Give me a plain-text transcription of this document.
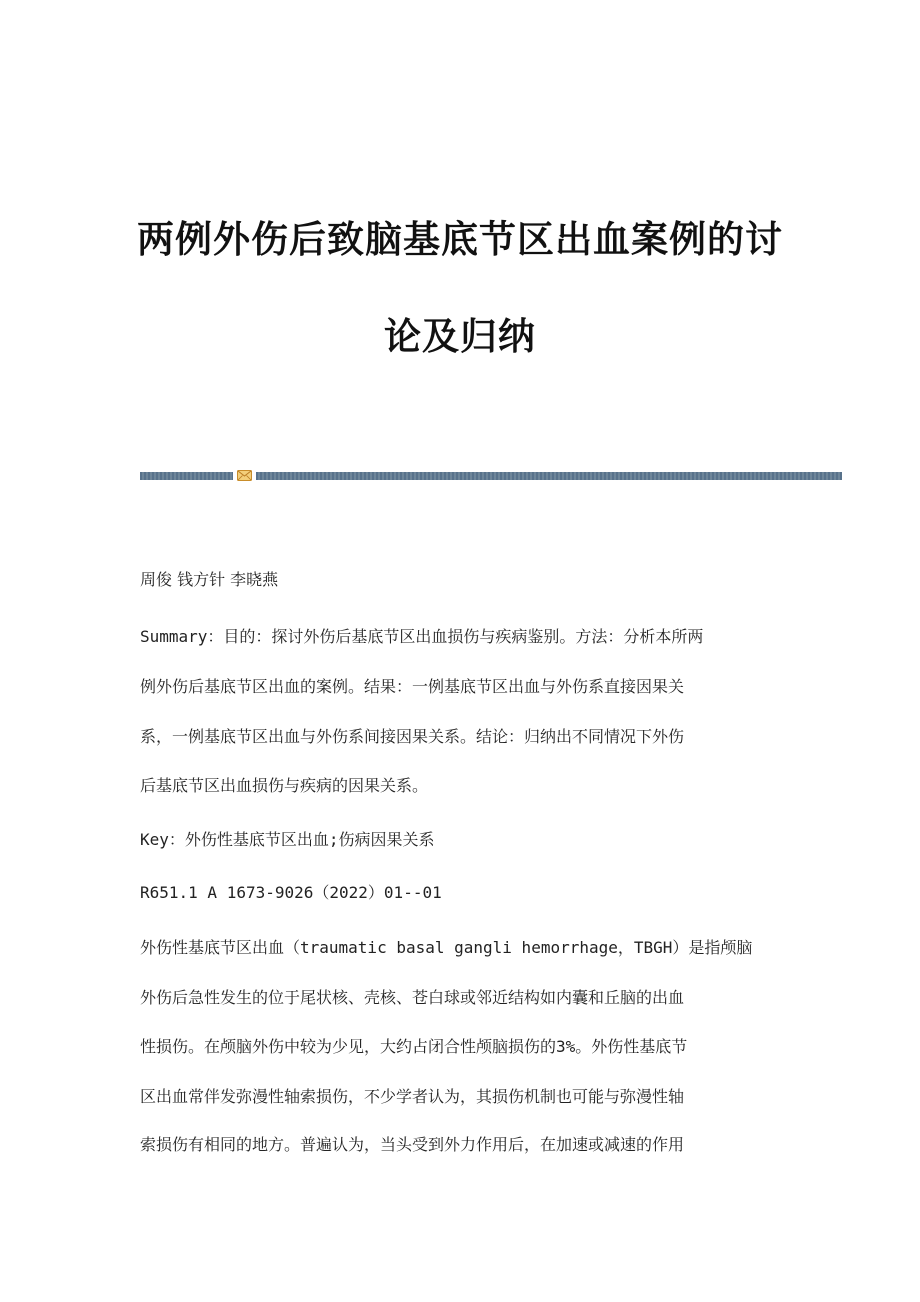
两例外伤后致脑基底节区出血案例的讨
论及归纳

周俊 钱方针 李晓燕

Summary：目的：探讨外伤后基底节区出血损伤与疾病鉴别。方法：分析本所两

例外伤后基底节区出血的案例。结果：一例基底节区出血与外伤系直接因果关

系，一例基底节区出血与外伤系间接因果关系。结论：归纳出不同情况下外伤

后基底节区出血损伤与疾病的因果关系。

Key：外伤性基底节区出血;伤病因果关系

R651.1 A 1673-9026（2022）01--01

外伤性基底节区出血（traumatic basal gangli hemorrhage，TBGH）是指颅脑

外伤后急性发生的位于尾状核、壳核、苍白球或邻近结构如内囊和丘脑的出血

性损伤。在颅脑外伤中较为少见，大约占闭合性颅脑损伤的3%。外伤性基底节

区出血常伴发弥漫性轴索损伤，不少学者认为，其损伤机制也可能与弥漫性轴

索损伤有相同的地方。普遍认为，当头受到外力作用后，在加速或减速的作用
